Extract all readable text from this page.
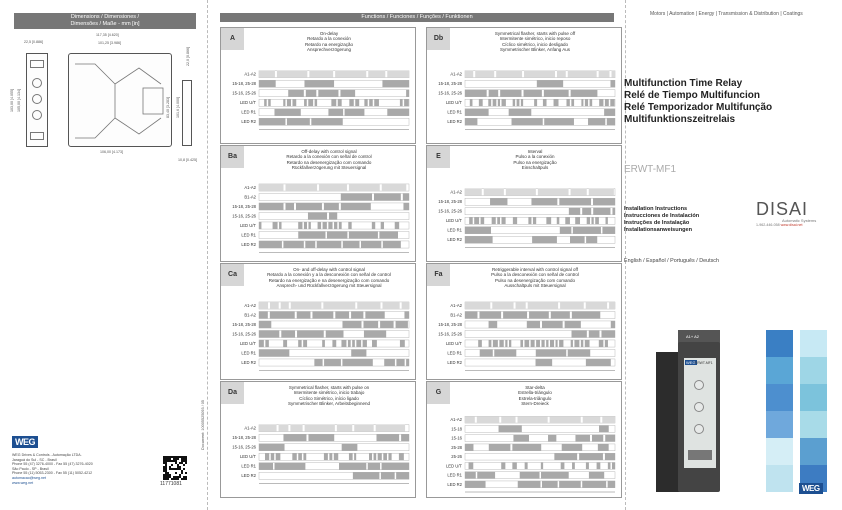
Dimensions / Dimensiones /
Dimensões / Maße - mm [in]
22,5 [0.886]
103,00 [4.055] 105,00 [4.134]
117,35 [4.620]
101,25 [3.986]
106,00 [4.173]
101,6 [4.000]
83,40 [3.283]
22,0 [0.866]
10,8 [0.425]
WEG
WEG Drives & Controls - Automação LTDA.
Jaraguá do Sul - SC - Brasil
Phone 55 (47) 3276-4000 - Fax 55 (47) 3276-4020
São Paulo - SP - Brasil
Phone 55 (11) 5053-2300 - Fax 55 (11) 5052-4212
automacao@weg.net
www.weg.net	11771081
Document: 10005525093 / 05
Functions / Funciones / Funções / Funktionen
A
On-delay
Retardo a la conexión
Retardo na energização
Ansprechverzögerung
A1-A2
15-18, 25-28
15-16, 25-26
LED U/T
LED R1
LED R2
Db
Symmetrical flasher, starts with pulse off
Intermitente simétrico, inicio reposo
Cíclico simétrico, inicio desligado
Symmetrischer Blinker, Anfang Aus
A1-A2
15-18, 25-28
15-16, 25-26
LED U/T
LED R1
LED R2
Ba
Off-delay with control signal
Retardo a la conexión con señal de control
Retardo na desenergização com comando
Rückfallverzögerung mit Steuersignal
A1-A2
B1-A2
15-18, 25-28
15-16, 25-26
LED U/T
LED R1
LED R2
E
Interval
Pulso a la conexión
Pulso na energização
Einschaltpuls
A1-A2
15-18, 25-28
15-16, 25-26
LED U/T
LED R1
LED R2
Ca
On- and off-delay with control signal
Retardo a la conexión y a la desconexión con señal de control
Retardo na energização e na desenergização com comando
Ansprech- und Rückfallverzögerung mit Steuersignal
A1-A2
B1-A2
15-18, 25-28
15-16, 25-26
LED U/T
LED R1
LED R2
Fa
Retriggerable interval with control signal off
Pulso a la desconexión con señal de control
Pulso na desenergização com comando
Ausschaltpuls mit Steuersignal
A1-A2
B1-A2
15-18, 25-28
15-16, 25-26
LED U/T
LED R1
LED R2
Da
Symmetrical flasher, starts with pulse on
Intermitente simétrico, inicio trabajo
Cíclico Simétrico, início ligado
Symmetrischer Blinker, Arbeitsbeginnend
A1-A2
15-18, 25-28
15-16, 25-26
LED U/T
LED R1
LED R2
G
Star-delta
Estrella-triángulo
Estrela-triângulo
Stern-Dreieck
A1-A2
15-18
15-16
25-28
25-26
LED U/T
LED R1
LED R2
Motors | Automation | Energy | Transmission & Distribution | Coatings
Multifunction Time Relay
Relé de Tiempo Multifuncion
Relé Temporizador Multifunção
Multifunktionszeitrelais
ERWT-MF1
Installation Instructions
Instrucciones de Instalación
Instruções de Instalação
Installationsanweisungen
DISAI
Automatic Systems
1-962-446-058 www.disai.net
English / Español / Português / Deutsch
A1+ A2
WEG ERWT-MF1
WEG
